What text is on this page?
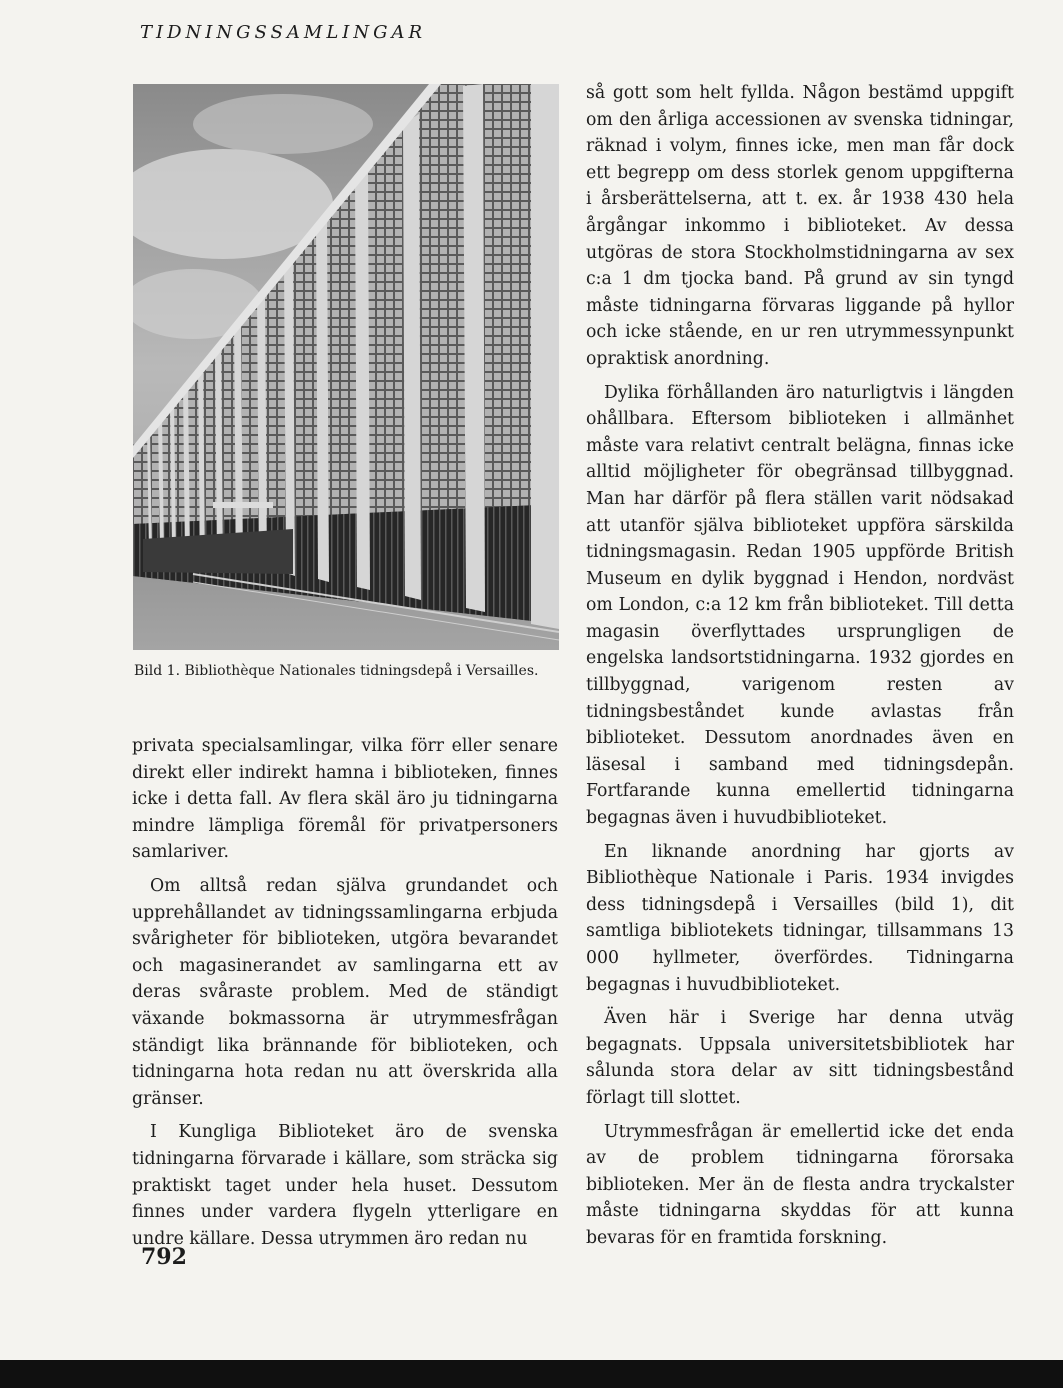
TIDNINGSSAMLINGAR
Bild 1. Bibliothèque Nationales tidningsdepå i Versailles.

privata specialsamlingar, vilka förr eller senare direkt eller indirekt hamna i biblioteken, finnes icke i detta fall. Av flera skäl äro ju tidningarna mindre lämpliga föremål för privatpersoners samlariver.

Om alltså redan själva grundandet och upprehållandet av tidningssamlingarna erbjuda svårigheter för biblioteken, utgöra bevarandet och magasinerandet av samlingarna ett av deras svåraste problem. Med de ständigt växande bokmassorna är utrymmesfrågan ständigt lika brännande för biblioteken, och tidningarna hota redan nu att överskrida alla gränser.

I Kungliga Biblioteket äro de svenska tidningarna förvarade i källare, som sträcka sig praktiskt taget under hela huset. Dessutom finnes under vardera flygeln ytterligare en undre källare. Dessa utrymmen äro redan nu

så gott som helt fyllda. Någon bestämd uppgift om den årliga accessionen av svenska tidningar, räknad i volym, finnes icke, men man får dock ett begrepp om dess storlek genom uppgifterna i årsberättelserna, att t. ex. år 1938 430 hela årgångar inkommo i biblioteket. Av dessa utgöras de stora Stockholmstidningarna av sex c:a 1 dm tjocka band. På grund av sin tyngd måste tidningarna förvaras liggande på hyllor och icke stående, en ur ren utrymmessynpunkt opraktisk anordning.

Dylika förhållanden äro naturligtvis i längden ohållbara. Eftersom biblioteken i allmänhet måste vara relativt centralt belägna, finnas icke alltid möjligheter för obegränsad tillbyggnad. Man har därför på flera ställen varit nödsakad att utanför själva biblioteket uppföra särskilda tidningsmagasin. Redan 1905 uppförde British Museum en dylik byggnad i Hendon, nordväst om London, c:a 12 km från biblioteket. Till detta magasin överflyttades ursprungligen de engelska landsortstidningarna. 1932 gjordes en tillbyggnad, varigenom resten av tidningsbeståndet kunde avlastas från biblioteket. Dessutom anordnades även en läsesal i samband med tidningsdepån. Fortfarande kunna emellertid tidningarna begagnas även i huvudbiblioteket.

En liknande anordning har gjorts av Bibliothèque Nationale i Paris. 1934 invigdes dess tidningsdepå i Versailles (bild 1), dit samtliga bibliotekets tidningar, tillsammans 13 000 hyllmeter, överfördes. Tidningarna begagnas i huvudbiblioteket.

Även här i Sverige har denna utväg begagnats. Uppsala universitetsbibliotek har sålunda stora delar av sitt tidningsbestånd förlagt till slottet.

Utrymmesfrågan är emellertid icke det enda av de problem tidningarna förorsaka biblioteken. Mer än de flesta andra tryckalster måste tidningarna skyddas för att kunna bevaras för en framtida forskning.

792
